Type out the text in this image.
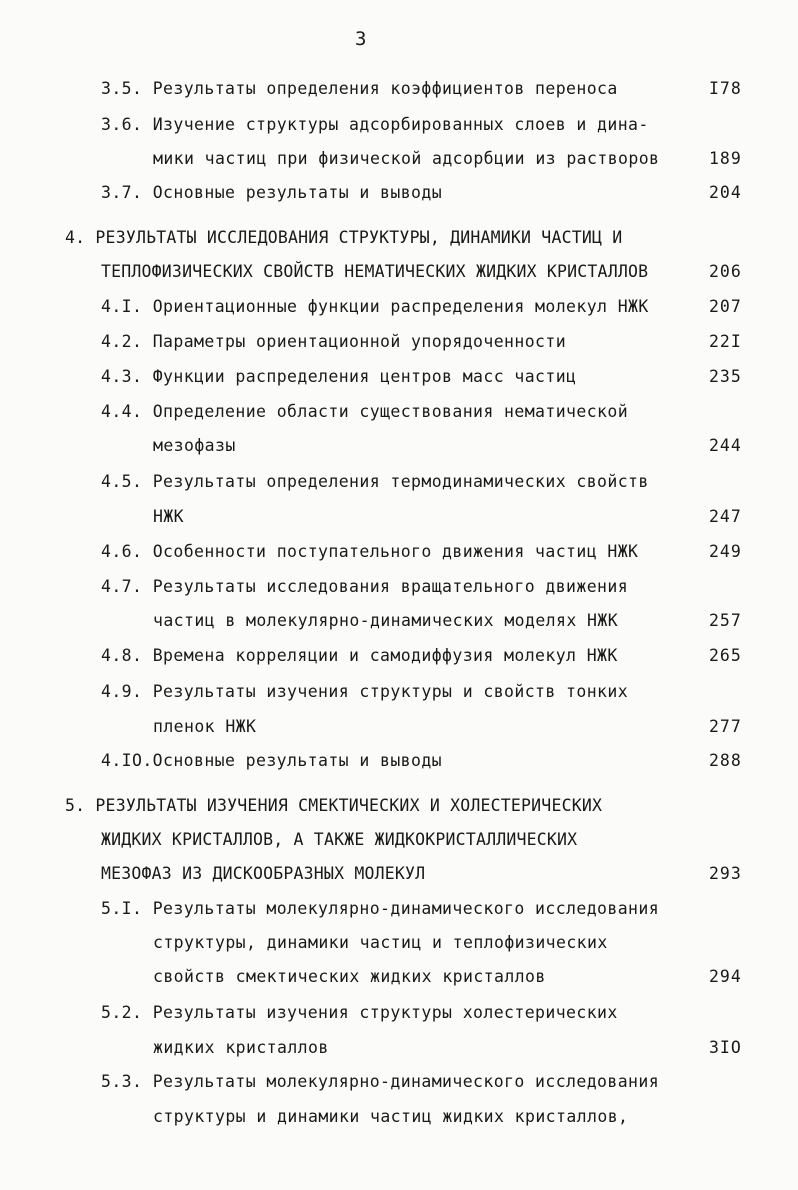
3
3.5. Результаты определения коэффициентов переноса	I78
3.6. Изучение структуры адсорбированных слоев и дина-
мики частиц при физической адсорбции из растворов	189
3.7. Основные результаты и выводы	204
4. РЕЗУЛЬТАТЫ ИССЛЕДОВАНИЯ СТРУКТУРЫ, ДИНАМИКИ ЧАСТИЦ И
ТЕПЛОФИЗИЧЕСКИХ СВОЙСТВ НЕМАТИЧЕСКИХ ЖИДКИХ КРИСТАЛЛОВ	206
4.I. Ориентационные функции распределения молекул НЖК	207
4.2. Параметры ориентационной упорядоченности	22I
4.3. Функции распределения центров масс частиц	235
4.4. Определение области существования нематической
мезофазы	244
4.5. Результаты определения термодинамических свойств
НЖК	247
4.6. Особенности поступательного движения частиц НЖК	249
4.7. Результаты исследования вращательного движения
частиц в молекулярно-динамических моделях НЖК	257
4.8. Времена корреляции и самодиффузия молекул НЖК	265
4.9. Результаты изучения структуры и свойств тонких
пленок НЖК	277
4.IO.Основные результаты и выводы	288
5. РЕЗУЛЬТАТЫ ИЗУЧЕНИЯ СМЕКТИЧЕСКИХ И ХОЛЕСТЕРИЧЕСКИХ
ЖИДКИХ КРИСТАЛЛОВ, А ТАКЖЕ ЖИДКОКРИСТАЛЛИЧЕСКИХ
МЕЗОФАЗ ИЗ ДИСКООБРАЗНЫХ МОЛЕКУЛ	293
5.I. Результаты молекулярно-динамического исследования
структуры, динамики частиц и теплофизических
свойств смектических жидких кристаллов	294
5.2. Результаты изучения структуры холестерических
жидких кристаллов	3IO
5.3. Результаты молекулярно-динамического исследования
структуры и динамики частиц жидких кристаллов,
